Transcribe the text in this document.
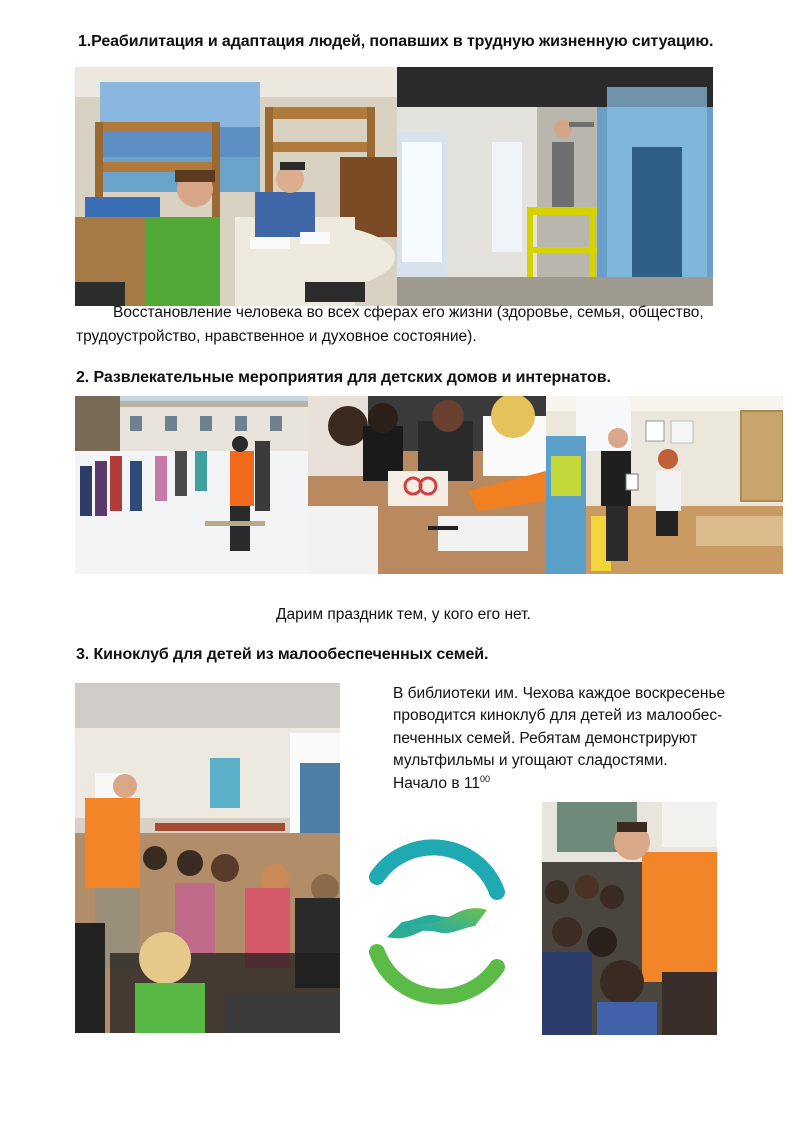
1.Реабилитация и адаптация людей, попавших в трудную жизненную ситуацию.
Восстановление человека во всех сферах его жизни (здоровье, семья, общество,
трудоустройство, нравственное и духовное состояние).
2. Развлекательные мероприятия для детских домов и интернатов.
Дарим праздник тем, у кого его нет.
3. Киноклуб для детей из малообеспеченных семей.
В библиотеки им. Чехова каждое воскресенье
проводится киноклуб для детей из малообес-
печенных семей. Ребятам демонстрируют
мультфильмы и угощают сладостями.
Начало в $11^{00}$
